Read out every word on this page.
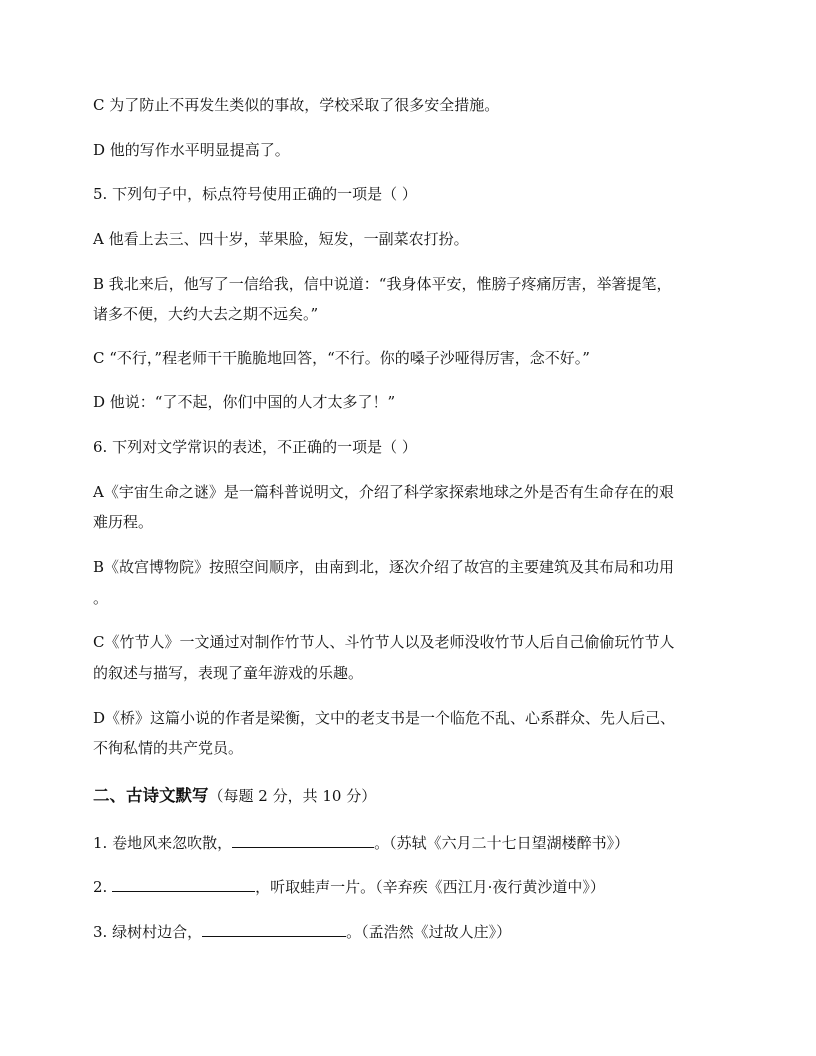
C 为了防止不再发生类似的事故，学校采取了很多安全措施。
D 他的写作水平明显提高了。
5. 下列句子中，标点符号使用正确的一项是（ ）
A 他看上去三、四十岁，苹果脸，短发，一副菜农打扮。
B 我北来后，他写了一信给我，信中说道：“我身体平安，惟膀子疼痛厉害，举箸提笔，
诸多不便，大约大去之期不远矣。”
C “不行，”程老师干干脆脆地回答，“不行。你的嗓子沙哑得厉害，念不好。”
D 他说：“了不起，你们中国的人才太多了！”
6. 下列对文学常识的表述，不正确的一项是（ ）
A《宇宙生命之谜》是一篇科普说明文，介绍了科学家探索地球之外是否有生命存在的艰
难历程。
B《故宫博物院》按照空间顺序，由南到北，逐次介绍了故宫的主要建筑及其布局和功用
。
C《竹节人》一文通过对制作竹节人、斗竹节人以及老师没收竹节人后自己偷偷玩竹节人
的叙述与描写，表现了童年游戏的乐趣。
D《桥》这篇小说的作者是梁衡，文中的老支书是一个临危不乱、心系群众、先人后己、
不徇私情的共产党员。
二、古诗文默写（每题 2 分，共 10 分）
1. 卷地风来忽吹散，	。（苏轼《六月二十七日望湖楼醉书》）
2.	，听取蛙声一片。（辛弃疾《西江月·夜行黄沙道中》）
3. 绿树村边合，	。（孟浩然《过故人庄》）
